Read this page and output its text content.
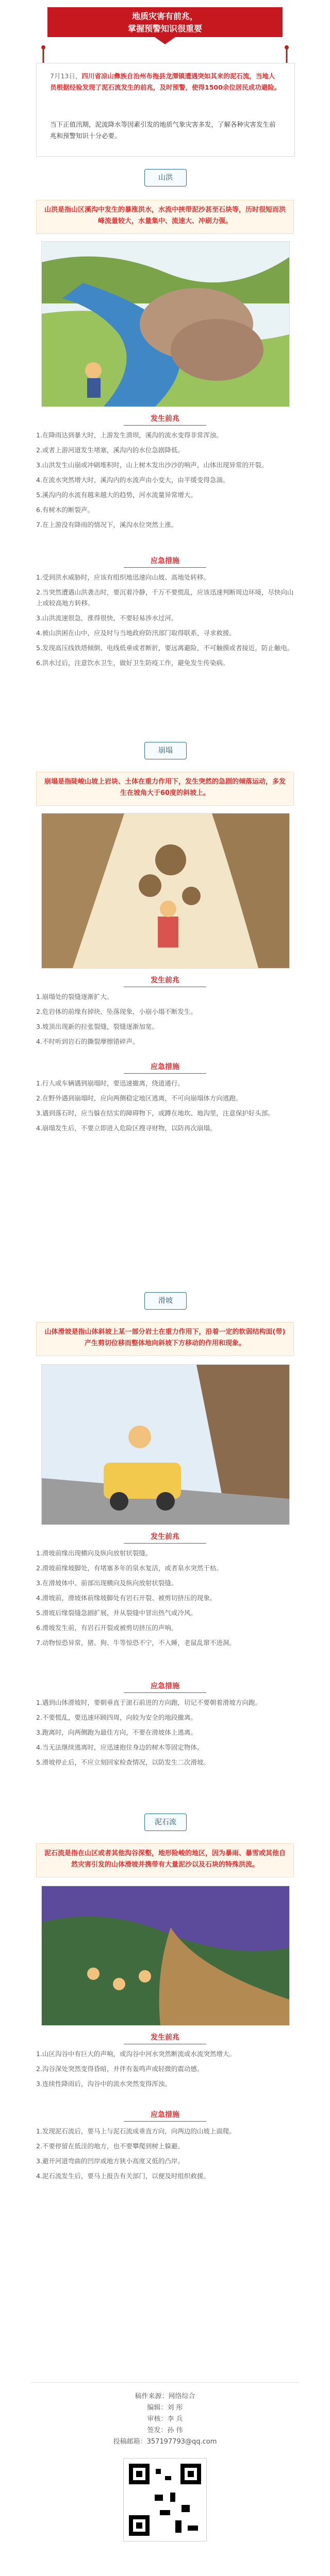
地质灾害有前兆，
掌握预警知识很重要
7月13日，四川省凉山彝族自治州布拖县龙潭镇遭遇突如其来的泥石流，当地人员根据经验发现了泥石流发生的前兆，及时预警，使得1500余位居民成功避险。
当下正值汛期，泥流降水等因素引发的地质气象灾害多发，了解各种灾害发生前兆和预警知识十分必要。
山洪
山洪是指山区溪沟中发生的暴涨洪水，水流中挟带泥沙甚至石块等，历时很短而洪峰流量较大，水量集中、流速大、冲刷力强。
发生前兆

1.在降雨达到暴大时，上游发生溃坝，溪沟的流水变得非常浑浊。

2.或者上游河道发生堵塞，溪沟内的水位急剧降低。

3.山洪发生山崩或冲刷堆积时，山上树木发出沙沙的响声，山体出现异常的开裂。

4.在流水突然增大时，溪沟内的水流声由小变大，由平缓变得急湍。

5.溪沟内的水流有越来越大的趋势，河水流量异常增大。

6.有树木的断裂声。

7.在上游没有降雨的情况下，溪沟水位突然上涨。

应急措施

1.受到洪水威胁时，应该有组织地迅速向山坡、高地处转移。

2.当突然遭遇山洪袭击时，要沉着冷静，千万不要慌乱，应该迅速判断周边环境，尽快向山上或较高地方转移。

3.山洪流速很急，涨得很快，不要轻易涉水过河。

4.被山洪困在山中，应及时与当地政府防汛部门取得联系，寻求救援。

5.发现高压线铁塔倾倒、电线低垂或者断折，要远离避险，不可触摸或者接近，防止触电。

6.洪水过后，注意饮水卫生，做好卫生防疫工作，避免发生传染病。

崩塌
崩塌是指陡峻山坡上岩块、土体在重力作用下，发生突然的急剧的倾落运动，多发生在坡角大于60度的斜坡上。
发生前兆

1.崩塌处的裂缝逐渐扩大。

2.危岩体的前缘有掉块、坠落现象，小崩小塌不断发生。

3.坡顶出现新的拉张裂缝，裂缝逐渐加宽。

4.不时听到岩石的撕裂摩擦错碎声。

应急措施

1.行人或车辆遇到崩塌时，要迅速撤离，绕道通行。

2.在野外遇到崩塌时，应向两侧稳定地区逃离，不可向崩塌体方向逃跑。

3.遇到落石时，应当躲在结实的障碍物下，或蹲在地坎、地沟里，注意保护好头部。

4.崩塌发生后，不要立即进入危险区搜寻财物，以防再次崩塌。

滑坡
山体滑坡是指山体斜坡上某一部分岩土在重力作用下，沿着一定的软弱结构面(带)产生剪切位移而整体地向斜坡下方移动的作用和现象。
发生前兆

1.滑坡前缘出现横向及纵向放射状裂缝。

2.滑坡前缘坡脚处，有堵塞多年的泉水复活，或者泉水突然干枯。

3.在滑坡体中、前部出现横向及纵向放射状裂缝。

4.滑坡前，滑坡体前缘坡脚处有岩石开裂、被剪切挤压的现象。

5.滑坡后缘裂缝急剧扩展，并从裂缝中冒出热气或冷风。

6.滑坡发生前，有岩石开裂或被剪切挤压的声响。

7.动物惊恐异常，猪、狗、牛等惊恐不宁，不入睡，老鼠乱窜不进洞。

应急措施

1.遇到山体滑坡时，要朝垂直于滚石前进的方向跑，切记不要朝着滑坡方向跑。

2.不要慌乱，要迅速环顾四周，向较为安全的地段撤离。

3.跑离时，向两侧跑为最佳方向，不要在滑坡体上逃离。

4.当无法继续逃离时，应迅速抱住身边的树木等固定物体。

5.滑坡停止后，不应立刻回家检查情况，以防发生二次滑坡。

泥石流
泥石流是指在山区或者其他沟谷深壑，地形险峻的地区，因为暴雨、暴雪或其他自然灾害引发的山体滑坡并携带有大量泥沙以及石块的特殊洪流。
发生前兆

1.山区沟谷中有巨大的声响，或沟谷中河水突然断流或水流突然增大。

2.沟谷深处突然变得昏暗，并伴有轰鸣声或轻微的震动感。

3.连续性降雨后，沟谷中的流水突然变得浑浊。

应急措施

1.发现泥石流后，要马上与泥石流成垂直方向，向两边的山坡上面爬。

2.不要停留在低洼的地方，也不要攀爬到树上躲避。

3.避开河道弯曲的凹岸或地方狭小高度又低的凸岸。

4.泥石流发生后，要马上报告有关部门，以便及时组织救援。

稿件来源：网络综合
编辑：刘 彤
审核：李 兵
签发：孙 伟
投稿邮箱：357197793@qq.com
